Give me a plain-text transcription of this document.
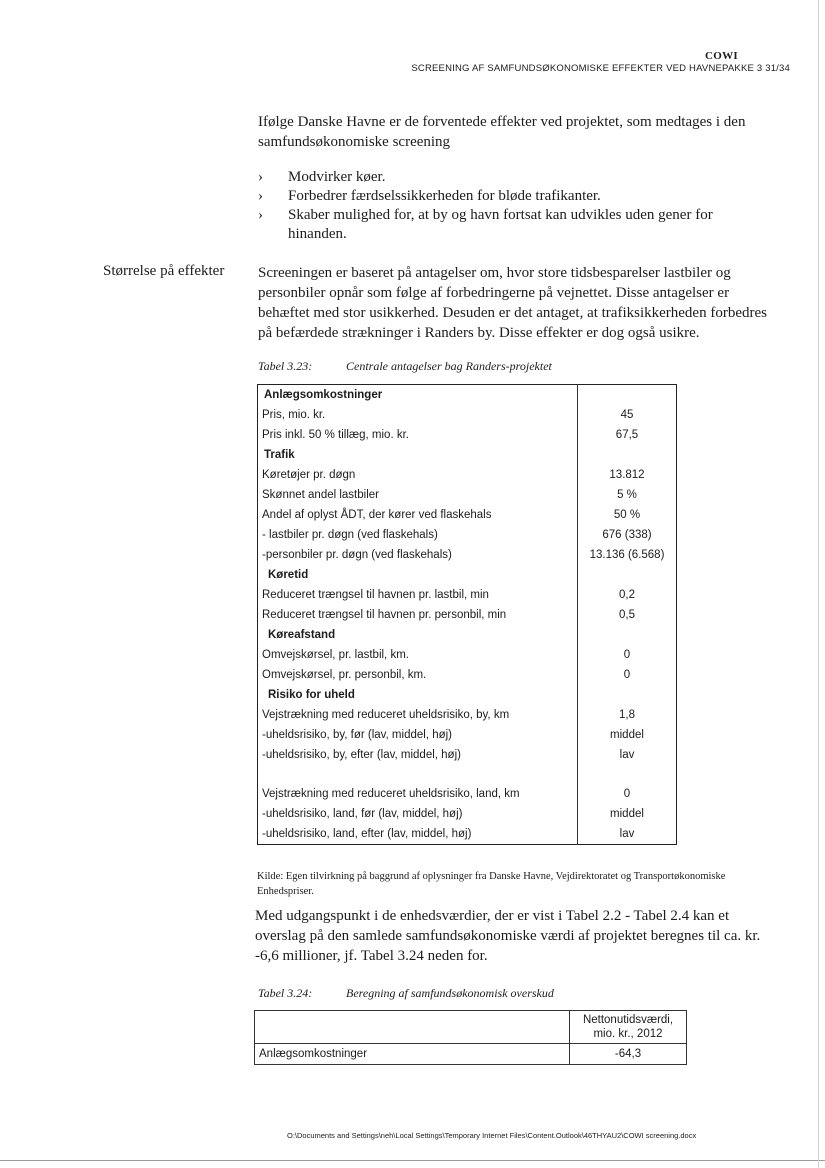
COWI
SCREENING AF SAMFUNDSØKONOMISKE EFFEKTER VED HAVNEPAKKE 3 31/34
Ifølge Danske Havne er de forventede effekter ved projektet, som medtages i den samfundsøkonomiske screening
› Modvirker køer.
› Forbedrer færdselssikkerheden for bløde trafikanter.
› Skaber mulighed for, at by og havn fortsat kan udvikles uden gener for hinanden.
Størrelse på effekter Screeningen er baseret på antagelser om, hvor store tidsbesparelser lastbiler og personbiler opnår som følge af forbedringerne på vejnettet. Disse antagelser er behæftet med stor usikkerhed. Desuden er det antaget, at trafiksikkerheden forbedres på befærdede strækninger i Randers by. Disse effekter er dog også usikre.
Tabel 3.23:	Centrale antagelser bag Randers-projektet
Anlægsomkostninger	
Pris, mio. kr.	45
Pris inkl. 50 % tillæg, mio. kr.	67,5
Trafik	
Køretøjer pr. døgn	13.812
Skønnet andel lastbiler	5 %
Andel af oplyst ÅDT, der kører ved flaskehals	50 %
- lastbiler pr. døgn (ved flaskehals)	676 (338)
-personbiler pr. døgn (ved flaskehals)	13.136 (6.568)
Køretid	
Reduceret trængsel til havnen pr. lastbil, min	0,2
Reduceret trængsel til havnen pr. personbil, min	0,5
Køreafstand	
Omvejskørsel, pr. lastbil, km.	0
Omvejskørsel, pr. personbil, km.	0
Risiko for uheld	
Vejstrækning med reduceret uheldsrisiko, by, km	1,8
-uheldsrisiko, by, før (lav, middel, høj)	middel
-uheldsrisiko, by, efter (lav, middel, høj)	lav

Vejstrækning med reduceret uheldsrisiko, land, km	0
-uheldsrisiko, land, før (lav, middel, høj)	middel
-uheldsrisiko, land, efter (lav, middel, høj)	lav
Kilde: Egen tilvirkning på baggrund af oplysninger fra Danske Havne, Vejdirektoratet og Transportøkonomiske Enhedspriser.
Med udgangspunkt i de enhedsværdier, der er vist i Tabel 2.2 - Tabel 2.4 kan et overslag på den samlede samfundsøkonomiske værdi af projektet beregnes til ca. kr. -6,6 millioner, jf. Tabel 3.24 neden for.
Tabel 3.24:	Beregning af samfundsøkonomisk overskud

	Nettonutidsværdi,
mio. kr., 2012

Anlægsomkostninger	-64,3
O:\Documents and Settings\neh\Local Settings\Temporary Internet Files\Content.Outlook\46THYAU2\COWI screening.docx
